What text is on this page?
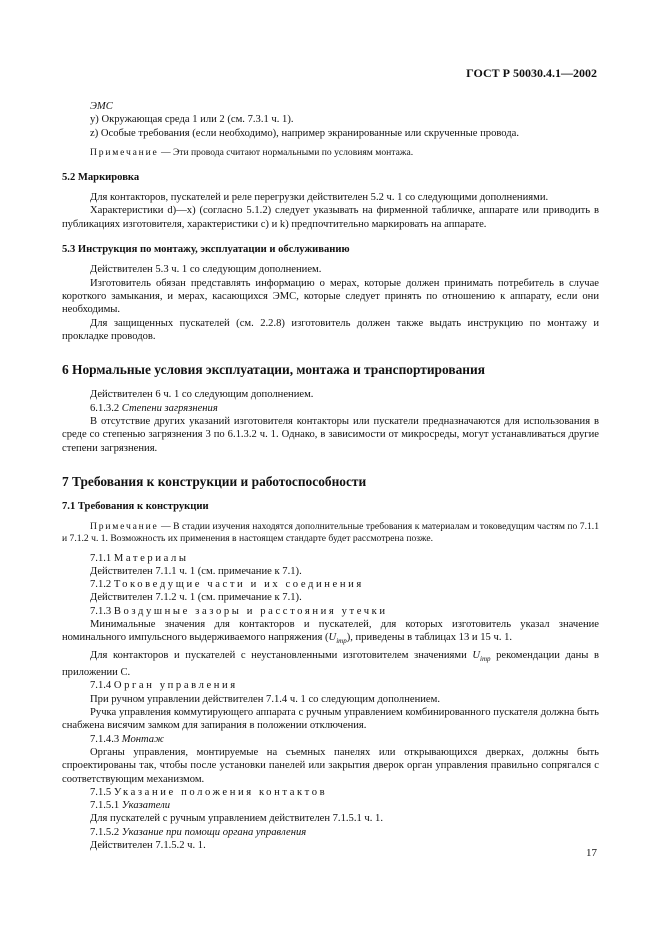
ГОСТ Р 50030.4.1—2002

ЭМС

y) Окружающая среда 1 или 2 (см. 7.3.1 ч. 1).

z) Особые требования (если необходимо), например экранированные или скрученные провода.

Примечание — Эти провода считают нормальными по условиям монтажа.

5.2 Маркировка

Для контакторов, пускателей и реле перегрузки действителен 5.2 ч. 1 со следующими дополнениями.

Характеристики d)—x) (согласно 5.1.2) следует указывать на фирменной табличке, аппарате или приводить в публикациях изготовителя, характеристики c) и k) предпочтительно маркировать на аппарате.

5.3 Инструкция по монтажу, эксплуатации и обслуживанию

Действителен 5.3 ч. 1 со следующим дополнением.

Изготовитель обязан представлять информацию о мерах, которые должен принимать потребитель в случае короткого замыкания, и мерах, касающихся ЭМС, которые следует принять по отношению к аппарату, если они необходимы.

Для защищенных пускателей (см. 2.2.8) изготовитель должен также выдать инструкцию по монтажу и прокладке проводов.

6 Нормальные условия эксплуатации, монтажа и транспортирования

Действителен 6 ч. 1 со следующим дополнением.

6.1.3.2 Степени загрязнения

В отсутствие других указаний изготовителя контакторы или пускатели предназначаются для использования в среде со степенью загрязнения 3 по 6.1.3.2 ч. 1. Однако, в зависимости от микросреды, могут устанавливаться другие степени загрязнения.

7 Требования к конструкции и работоспособности
7.1 Требования к конструкции

Примечание — В стадии изучения находятся дополнительные требования к материалам и токоведущим частям по 7.1.1 и 7.1.2 ч. 1. Возможность их применения в настоящем стандарте будет рассмотрена позже.

7.1.1 Материалы

Действителен 7.1.1 ч. 1 (см. примечание к 7.1).

7.1.2 Токоведущие части и их соединения

Действителен 7.1.2 ч. 1 (см. примечание к 7.1).

7.1.3 Воздушные зазоры и расстояния утечки

Минимальные значения для контакторов и пускателей, для которых изготовитель указал значение номинального импульсного выдерживаемого напряжения $(U_{imp})$, приведены в таблицах 13 и 15 ч. 1.

Для контакторов и пускателей с неустановленными изготовителем значениями $U_{imp}$ рекомендации даны в приложении С.

7.1.4 Орган управления

При ручном управлении действителен 7.1.4 ч. 1 со следующим дополнением.

Ручка управления коммутирующего аппарата с ручным управлением комбинированного пускателя должна быть снабжена висячим замком для запирания в положении отключения.

7.1.4.3 Монтаж

Органы управления, монтируемые на съемных панелях или открывающихся дверках, должны быть спроектированы так, чтобы после установки панелей или закрытия дверок орган управления правильно сопрягался с соответствующим механизмом.

7.1.5 Указание положения контактов

7.1.5.1 Указатели

Для пускателей с ручным управлением действителен 7.1.5.1 ч. 1.

7.1.5.2 Указание при помощи органа управления

Действителен 7.1.5.2 ч. 1.

17
